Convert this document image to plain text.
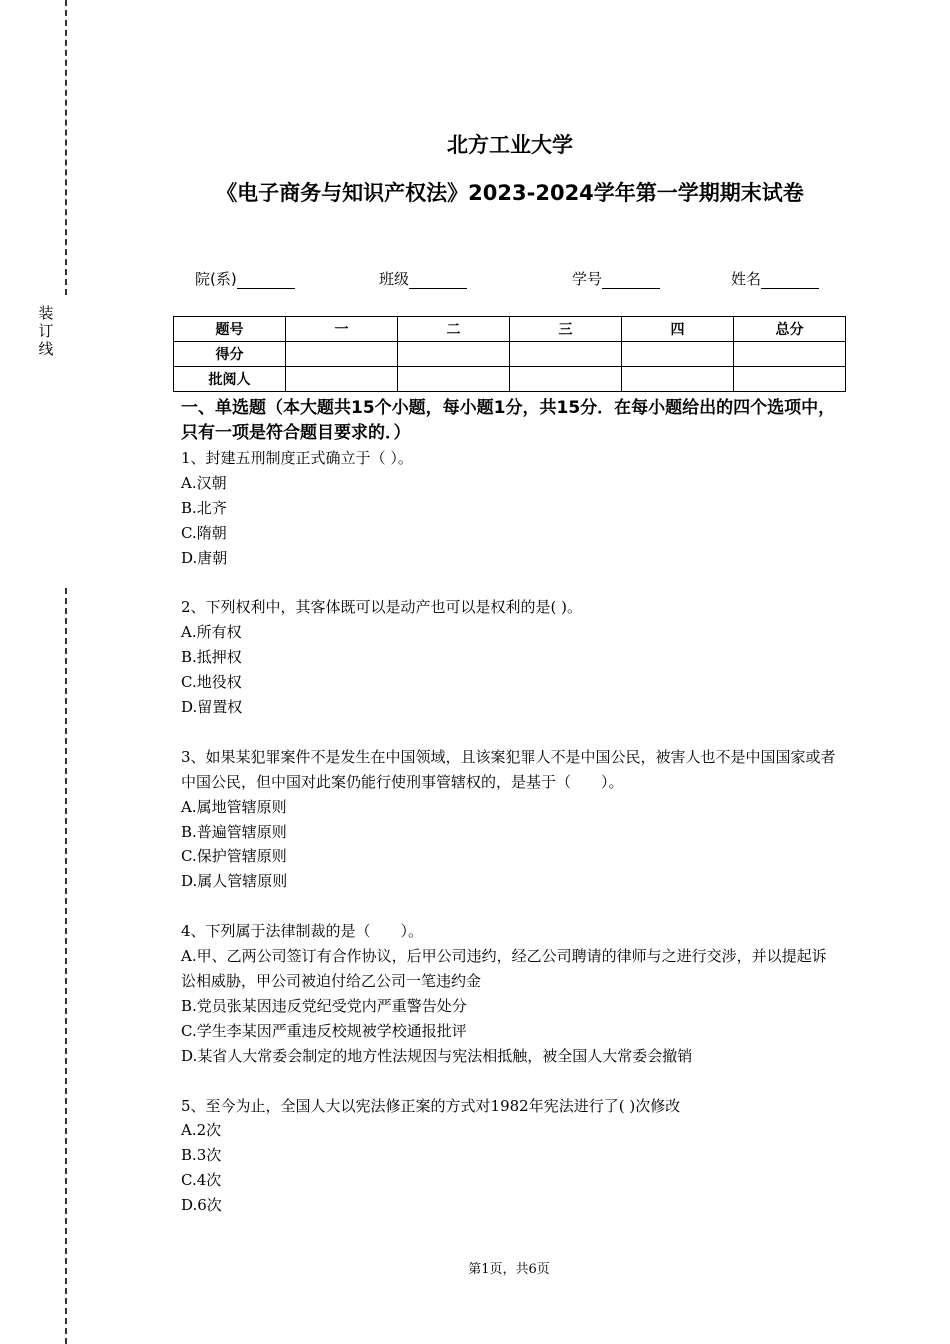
装
订
线
北方工业大学
《电子商务与知识产权法》2023-2024学年第一学期期末试卷
院(系)	班级	学号	姓名
题号	一	二	三	四	总分
得分					
批阅人					
一、单选题（本大题共15个小题，每小题1分，共15分．在每小题给出的四个选项中，只有一项是符合题目要求的．）

1、封建五刑制度正式确立于（ ）。

A.汉朝

B.北齐

C.隋朝

D.唐朝

2、下列权利中，其客体既可以是动产也可以是权利的是( )。

A.所有权

B.抵押权

C.地役权

D.留置权

3、如果某犯罪案件不是发生在中国领域，且该案犯罪人不是中国公民，被害人也不是中国国家或者中国公民，但中国对此案仍能行使刑事管辖权的，是基于（　　）。

A.属地管辖原则

B.普遍管辖原则

C.保护管辖原则

D.属人管辖原则

4、下列属于法律制裁的是（　　）。

A.甲、乙两公司签订有合作协议，后甲公司违约，经乙公司聘请的律师与之进行交涉，并以提起诉讼相威胁，甲公司被迫付给乙公司一笔违约金

B.党员张某因违反党纪受党内严重警告处分

C.学生李某因严重违反校规被学校通报批评

D.某省人大常委会制定的地方性法规因与宪法相抵触，被全国人大常委会撤销

5、至今为止，全国人大以宪法修正案的方式对1982年宪法进行了( )次修改

A.2次

B.3次

C.4次

D.6次

第1页，共6页
